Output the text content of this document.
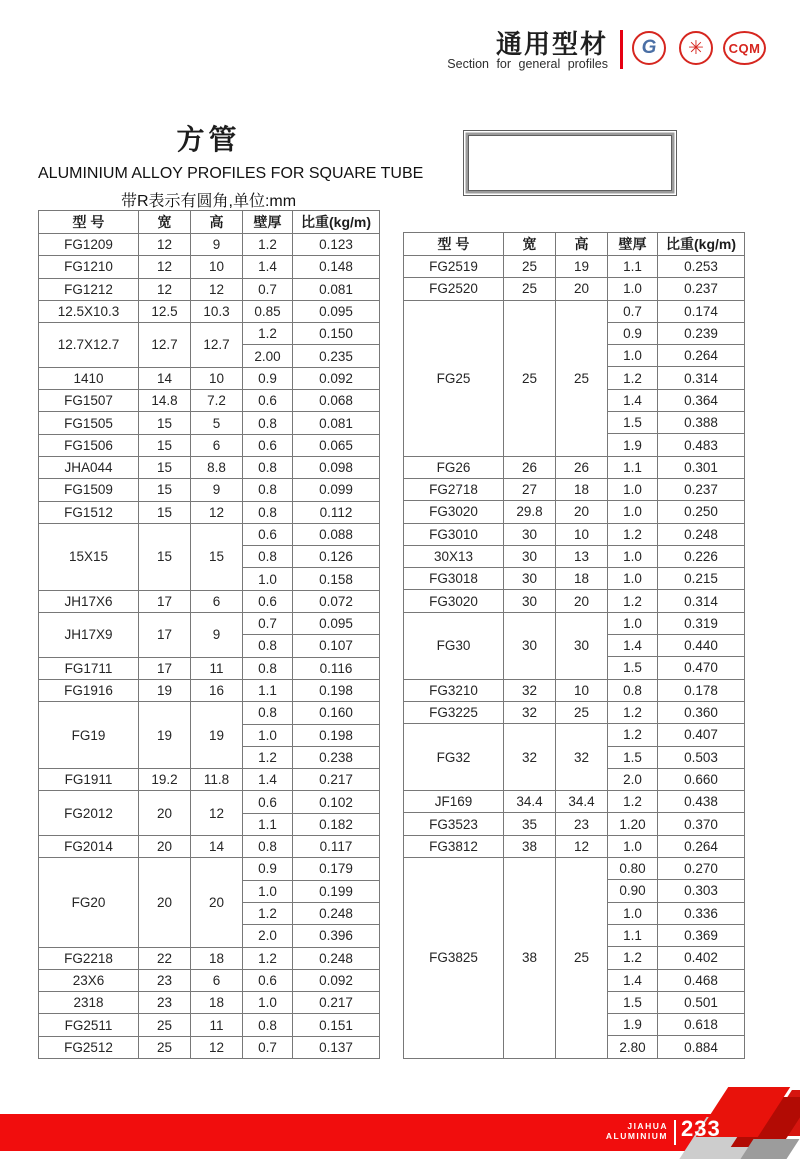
通用型材
Section for general profiles
G ✳ CQM
方管
ALUMINIUM ALLOY PROFILES FOR SQUARE TUBE
带R表示有圆角,单位:mm
型 号	宽	高	壁厚	比重(kg/m)
FG1209	12	9	1.2	0.123
FG1210	12	10	1.4	0.148
FG1212	12	12	0.7	0.081
12.5X10.3	12.5	10.3	0.85	0.095
12.7X12.7	12.7	12.7	1.2	0.150
			2.00	0.235
1410	14	10	0.9	0.092
FG1507	14.8	7.2	0.6	0.068
FG1505	15	5	0.8	0.081
FG1506	15	6	0.6	0.065
JHA044	15	8.8	0.8	0.098
FG1509	15	9	0.8	0.099
FG1512	15	12	0.8	0.112
15X15	15	15	0.6	0.088
			0.8	0.126
			1.0	0.158
JH17X6	17	6	0.6	0.072
JH17X9	17	9	0.7	0.095
			0.8	0.107
FG1711	17	11	0.8	0.116
FG1916	19	16	1.1	0.198
FG19	19	19	0.8	0.160
			1.0	0.198
			1.2	0.238
FG1911	19.2	11.8	1.4	0.217
FG2012	20	12	0.6	0.102
			1.1	0.182
FG2014	20	14	0.8	0.117
FG20	20	20	0.9	0.179
			1.0	0.199
			1.2	0.248
			2.0	0.396
FG2218	22	18	1.2	0.248
23X6	23	6	0.6	0.092
2318	23	18	1.0	0.217
FG2511	25	11	0.8	0.151
FG2512	25	12	0.7	0.137
型 号	宽	高	壁厚	比重(kg/m)
FG2519	25	19	1.1	0.253
FG2520	25	20	1.0	0.237
FG25	25	25	0.7	0.174
			0.9	0.239
			1.0	0.264
			1.2	0.314
			1.4	0.364
			1.5	0.388
			1.9	0.483
FG26	26	26	1.1	0.301
FG2718	27	18	1.0	0.237
FG3020	29.8	20	1.0	0.250
FG3010	30	10	1.2	0.248
30X13	30	13	1.0	0.226
FG3018	30	18	1.0	0.215
FG3020	30	20	1.2	0.314
FG30	30	30	1.0	0.319
			1.4	0.440
			1.5	0.470
FG3210	32	10	0.8	0.178
FG3225	32	25	1.2	0.360
FG32	32	32	1.2	0.407
			1.5	0.503
			2.0	0.660
JF169	34.4	34.4	1.2	0.438
FG3523	35	23	1.20	0.370
FG3812	38	12	1.0	0.264
FG3825	38	25	0.80	0.270
			0.90	0.303
			1.0	0.336
			1.1	0.369
			1.2	0.402
			1.4	0.468
			1.5	0.501
			1.9	0.618
			2.80	0.884
JIAHUA
ALUMINIUM 233
